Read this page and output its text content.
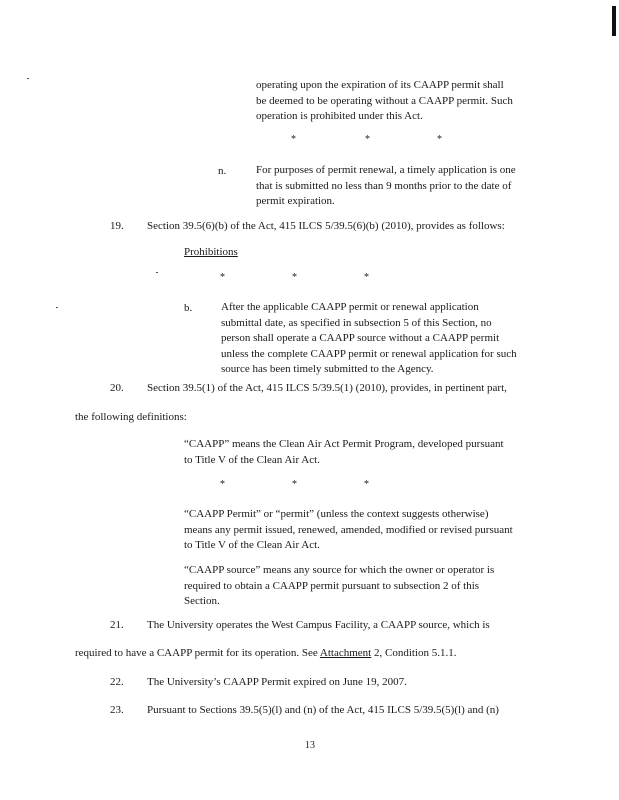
operating upon the expiration of its CAAPP permit shall
be deemed to be operating without a CAAPP permit. Such
operation is prohibited under this Act.
*	*	*
n.	For purposes of permit renewal, a timely application is one
that is submitted no less than 9 months prior to the date of
permit expiration.
19. Section 39.5(6)(b) of the Act, 415 ILCS 5/39.5(6)(b) (2010), provides as follows:
Prohibitions
*	*	*
b.	After the applicable CAAPP permit or renewal application
submittal date, as specified in subsection 5 of this Section, no
person shall operate a CAAPP source without a CAAPP permit
unless the complete CAAPP permit or renewal application for such
source has been timely submitted to the Agency.
20. Section 39.5(1) of the Act, 415 ILCS 5/39.5(1) (2010), provides, in pertinent part,
the following definitions:
“CAAPP” means the Clean Air Act Permit Program, developed pursuant
to Title V of the Clean Air Act.
*	*	*
“CAAPP Permit” or “permit” (unless the context suggests otherwise)
means any permit issued, renewed, amended, modified or revised pursuant
to Title V of the Clean Air Act.
“CAAPP source” means any source for which the owner or operator is
required to obtain a CAAPP permit pursuant to subsection 2 of this
Section.
21. The University operates the West Campus Facility, a CAAPP source, which is
required to have a CAAPP permit for its operation. See Attachment 2, Condition 5.1.1.
22. The University’s CAAPP Permit expired on June 19, 2007.
23. Pursuant to Sections 39.5(5)(l) and (n) of the Act, 415 ILCS 5/39.5(5)(l) and (n)
13
